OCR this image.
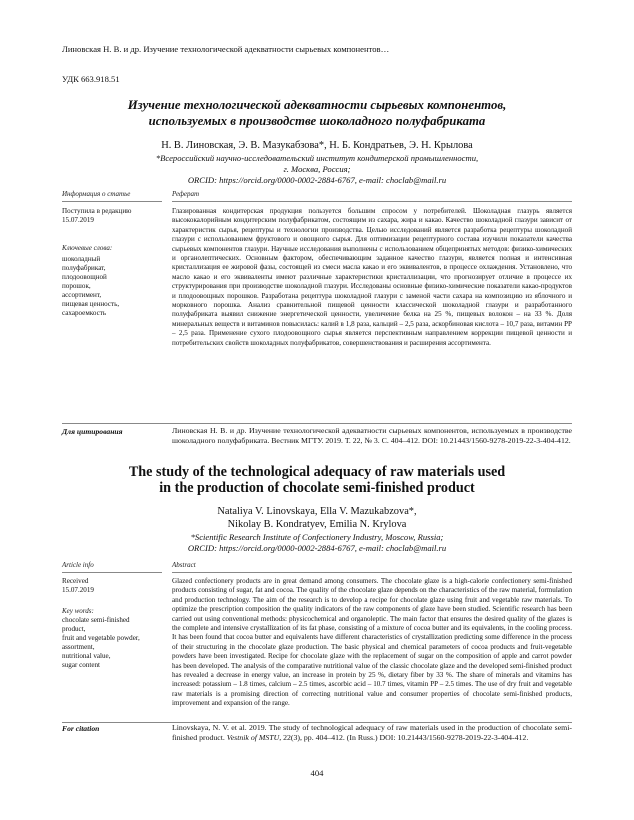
Линовская Н. В. и др. Изучение технологической адекватности сырьевых компонентов…
УДК 663.918.51
Изучение технологической адекватности сырьевых компонентов,
используемых в производстве шоколадного полуфабриката
Н. В. Линовская, Э. В. Мазукабзова*, Н. Б. Кондратьев, Э. Н. Крылова
*Всероссийский научно-исследовательский институт кондитерской промышленности,
г. Москва, Россия;
ORCID: https://orcid.org/0000-0002-2884-6767, e-mail: choclab@mail.ru
Информация о статье	Реферат
Поступила в редакцию
15.07.2019
Ключевые слова:
шоколадный
полуфабрикат,
плодоовощной
порошок,
ассортимент,
пищевая ценность,
сахароемкость
Глазированная кондитерская продукция пользуется большим спросом у потребителей. Шоколадная глазурь является высококалорийным кондитерским полуфабрикатом, состоящим из сахара, жира и какао. Качество шоколадной глазури зависит от характеристик сырья, рецептуры и технологии производства. Целью исследований является разработка рецептуры шоколадной глазури с использованием фруктового и овощного сырья. Для оптимизации рецептурного состава изучили показатели качества сырьевых компонентов глазури. Научные исследования выполнены с использованием общепринятых методов: физико-химических и органолептических. Основным фактором, обеспечивающим заданное качество глазури, является полная и интенсивная кристаллизация ее жировой фазы, состоящей из смеси масла какао и его эквивалентов, в процессе охлаждения. Установлено, что масло какао и его эквиваленты имеют различные характеристики кристаллизации, что прогнозирует отличие в процессе их структурирования при производстве шоколадной глазури. Исследованы основные физико-химические показатели какао-продуктов и плодоовощных порошков. Разработана рецептура шоколадной глазури с заменой части сахара на композицию из яблочного и морковного порошка. Анализ сравнительной пищевой ценности классической шоколадной глазури и разработанного полуфабриката выявил снижение энергетической ценности, увеличение белка на 25 %, пищевых волокон – на 33 %. Доля минеральных веществ и витаминов повысилась: калий в 1,8 раза, кальций – 2,5 раза, аскорбиновая кислота – 10,7 раза, витамин PP – 2,5 раза. Применение сухого плодоовощного сырья является перспективным направлением коррекции пищевой ценности и потребительских свойств шоколадных полуфабрикатов, совершенствования и расширения ассортимента.
Для цитирования	Линовская Н. В. и др. Изучение технологической адекватности сырьевых компонентов, используемых в производстве шоколадного полуфабриката. Вестник МГТУ. 2019. Т. 22, № 3. С. 404–412. DOI: 10.21443/1560-9278-2019-22-3-404-412.
The study of the technological adequacy of raw materials used
in the production of chocolate semi-finished product
Nataliya V. Linovskaya, Ella V. Mazukabzova*,
Nikolay B. Kondratyev, Emilia N. Krylova
*Scientific Research Institute of Confectionery Industry, Moscow, Russia;
ORCID: https://orcid.org/0000-0002-2884-6767, e-mail: choclab@mail.ru
Article info	Abstract
Received
15.07.2019
Key words:
chocolate semi-finished
product,
fruit and vegetable powder,
assortment,
nutritional value,
sugar content
Glazed confectionery products are in great demand among consumers. The chocolate glaze is a high-calorie confectionery semi-finished products consisting of sugar, fat and cocoa. The quality of the chocolate glaze depends on the characteristics of the raw material, formulation and production technology. The aim of the research is to develop a recipe for chocolate glaze using fruit and vegetable raw materials. To optimize the prescription composition the quality indicators of the raw components of glaze have been studied. Scientific research has been carried out using conventional methods: physicochemical and organoleptic. The main factor that ensures the desired quality of the glazes is the complete and intensive crystallization of its fat phase, consisting of a mixture of cocoa butter and its equivalents, in the cooling process. It has been found that cocoa butter and equivalents have different characteristics of crystallization predicting some difference in the process of their structuring in the chocolate glaze production. The basic physical and chemical parameters of cocoa products and fruit-vegetable powders have been investigated. Recipe for chocolate glaze with the replacement of sugar on the composition of apple and carrot powder has been developed. The analysis of the comparative nutritional value of the classic chocolate glaze and the developed semi-finished product has revealed a decrease in energy value, an increase in protein by 25 %, dietary fiber by 33 %. The share of minerals and vitamins has increased: potassium – 1.8 times, calcium – 2.5 times, ascorbic acid – 10.7 times, vitamin PP – 2.5 times. The use of dry fruit and vegetable raw materials is a promising direction of correcting nutritional value and consumer properties of chocolate semi-finished products, improvement and expansion of the range.
For citation	Linovskaya, N. V. et al. 2019. The study of technological adequacy of raw materials used in the production of chocolate semi-finished product. Vestnik of MSTU, 22(3), pp. 404–412. (In Russ.) DOI: 10.21443/1560-9278-2019-22-3-404-412.
404
